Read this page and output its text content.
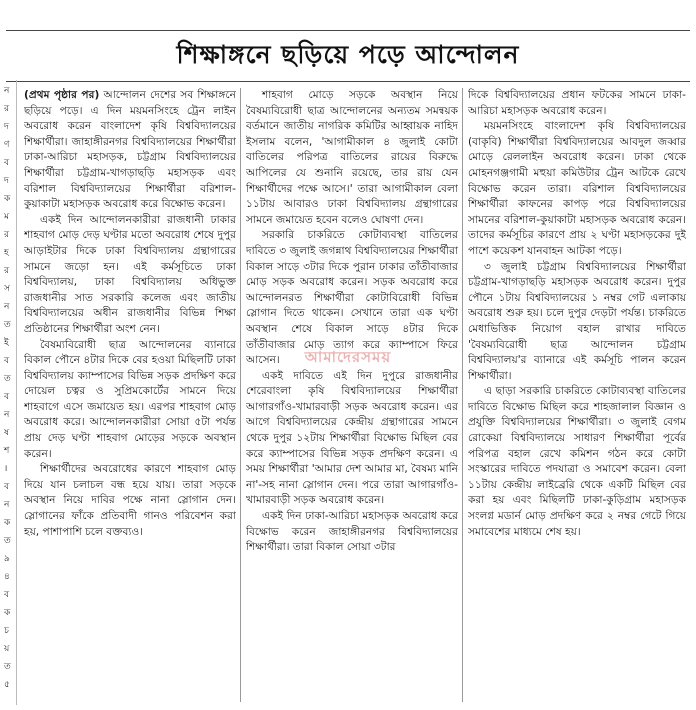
শিক্ষাঙ্গনে ছড়িয়ে পড়ে আন্দোলন
ন
র
দ
ণ
ব
দ
ক
ম
র
হ
র
স
ন
ত
ই
ব
ত
ব
ন
ষ
শ
।
ব
ন
ক
ত
৯
৪
ব
ক
চ
য়
ত
৫

(প্রথম পৃষ্ঠার পর) আন্দোলন দেশের সব শিক্ষাঙ্গনে ছড়িয়ে পড়ে। এ দিন ময়মনসিংহে ট্রেন লাইন অবরোধ করেন বাংলাদেশ কৃষি বিশ্ববিদ্যালয়ের শিক্ষার্থীরা। জাহাঙ্গীরনগর বিশ্ববিদ্যালয়ের শিক্ষার্থীরা ঢাকা-আরিচা মহাসড়ক, চট্টগ্রাম বিশ্ববিদ্যালয়ের শিক্ষার্থীরা চট্টগ্রাম-খাগড়াছড়ি মহাসড়ক এবং বরিশাল বিশ্ববিদ্যালয়ের শিক্ষার্থীরা বরিশাল-কুয়াকাটা মহাসড়ক অবরোধ করে বিক্ষোভ করেন।

একই দিন আন্দোলনকারীরা রাজধানী ঢাকার শাহবাগ মোড় দেড় ঘণ্টার মতো অবরোধ শেষে দুপুর আড়াইটার দিকে ঢাকা বিশ্ববিদ্যালয় গ্রন্থাগারের সামনে জড়ো হন। এই কর্মসূচিতে ঢাকা বিশ্ববিদ্যালয়, ঢাকা বিশ্ববিদ্যালয় অধিভুক্ত রাজধানীর সাত সরকারি কলেজ এবং জাতীয় বিশ্ববিদ্যালয়ের অধীন রাজধানীর বিভিন্ন শিক্ষা প্রতিষ্ঠানের শিক্ষার্থীরা অংশ নেন।

বৈষম্যবিরোধী ছাত্র আন্দোলনের ব্যানারে বিকাল পৌনে ৪টার দিকে বের হওয়া মিছিলটি ঢাকা বিশ্ববিদ্যালয় ক্যাম্পাসের বিভিন্ন সড়ক প্রদক্ষিণ করে দোয়েল চত্বর ও সুপ্রিমকোর্টের সামনে দিয়ে শাহবাগে এসে জমায়েত হয়। এরপর শাহবাগ মোড় অবরোধ করে। আন্দোলনকারীরা সোয়া ৫টা পর্যন্ত প্রায় দেড় ঘণ্টা শাহবাগ মোড়ের সড়কে অবস্থান করেন।

শিক্ষার্থীদের অবরোধের কারণে শাহবাগ মোড় দিয়ে যান চলাচল বন্ধ হয়ে যায়। তারা সড়কে অবস্থান নিয়ে দাবির পক্ষে নানা স্লোগান দেন। স্লোগানের ফাঁকে প্রতিবাদী গানও পরিবেশন করা হয়, পাশাপাশি চলে বক্তব্যও।

শাহবাগ মোড়ে সড়কে অবস্থান নিয়ে বৈষম্যবিরোধী ছাত্র আন্দোলনের অন্যতম সমন্বয়ক বর্তমানে জাতীয় নাগরিক কমিটির আহ্বায়ক নাহিদ ইসলাম বলেন, 'আগামীকাল ৪ জুলাই কোটা বাতিলের পরিপত্র বাতিলের রায়ের বিরুদ্ধে আপিলের যে শুনানি রয়েছে, তার রায় যেন শিক্ষার্থীদের পক্ষে আসে।' তারা আগামীকাল বেলা ১১টায় আবারও ঢাকা বিশ্ববিদ্যালয় গ্রন্থাগারের সামনে জমায়েত হবেন বলেও ঘোষণা দেন।

সরকারি চাকরিতে কোটাব্যবস্থা বাতিলের দাবিতে ৩ জুলাই জগন্নাথ বিশ্ববিদ্যালয়ের শিক্ষার্থীরা বিকাল সাড়ে ৩টার দিকে পুরান ঢাকার তাঁতীবাজার মোড় সড়ক অবরোধ করেন। সড়ক অবরোধ করে আন্দোলনরত শিক্ষার্থীরা কোটাবিরোধী বিভিন্ন স্লোগান দিতে থাকেন। সেখানে তারা এক ঘণ্টা অবস্থান শেষে বিকাল সাড়ে ৪টার দিকে তাঁতীবাজার মোড় ত্যাগ করে ক্যাম্পাসে ফিরে আসেন।

একই দাবিতে এই দিন দুপুরে রাজধানীর শেরেবাংলা কৃষি বিশ্ববিদ্যালয়ের শিক্ষার্থীরা আগারগাঁও-খামারবাড়ী সড়ক অবরোধ করেন। এর আগে বিশ্ববিদ্যালয়ের কেন্দ্রীয় গ্রন্থাগারের সামনে থেকে দুপুর ১২টায় শিক্ষার্থীরা বিক্ষোভ মিছিল বের করে ক্যাম্পাসের বিভিন্ন সড়ক প্রদক্ষিণ করেন। এ সময় শিক্ষার্থীরা 'আমার দেশ আমার মা, বৈষম্য মানি না'-সহ নানা স্লোগান দেন। পরে তারা আগারগাঁও-খামারবাড়ী সড়ক অবরোধ করেন।

একই দিন ঢাকা-আরিচা মহাসড়ক অবরোধ করে বিক্ষোভ করেন জাহাঙ্গীরনগর বিশ্ববিদ্যালয়ের শিক্ষার্থীরা। তারা বিকাল সোয়া ৩টার

দিকে বিশ্ববিদ্যালয়ের প্রধান ফটকের সামনে ঢাকা-আরিচা মহাসড়ক অবরোধ করেন।

ময়মনসিংহে বাংলাদেশ কৃষি বিশ্ববিদ্যালয়ের (বাকৃবি) শিক্ষার্থীরা বিশ্ববিদ্যালয়ের আবদুল জব্বার মোড়ে রেললাইন অবরোধ করেন। ঢাকা থেকে মোহনগঞ্জগামী মহুয়া কমিউটার ট্রেন আটকে রেখে বিক্ষোভ করেন তারা। বরিশাল বিশ্ববিদ্যালয়ের শিক্ষার্থীরা কাফনের কাপড় পরে বিশ্ববিদ্যালয়ের সামনের বরিশাল-কুয়াকাটা মহাসড়ক অবরোধ করেন। তাদের কর্মসূচির কারণে প্রায় ২ ঘণ্টা মহাসড়কের দুই পাশে কয়েকশ যানবাহন আটকা পড়ে।

৩ জুলাই চট্টগ্রাম বিশ্ববিদ্যালয়ের শিক্ষার্থীরা চট্টগ্রাম-খাগড়াছড়ি মহাসড়ক অবরোধ করেন। দুপুর পৌনে ১টায় বিশ্ববিদ্যালয়ের ১ নম্বর গেট এলাকায় অবরোধ শুরু হয়। চলে দুপুর দেড়টা পর্যন্ত। চাকরিতে মেধাভিত্তিক নিয়োগ বহাল রাখার দাবিতে 'বৈষম্যবিরোধী ছাত্র আন্দোলন চট্টগ্রাম বিশ্ববিদ্যালয়'র ব্যানারে এই কর্মসূচি পালন করেন শিক্ষার্থীরা।

এ ছাড়া সরকারি চাকরিতে কোটাব্যবস্থা বাতিলের দাবিতে বিক্ষোভ মিছিল করে শাহজালাল বিজ্ঞান ও প্রযুক্তি বিশ্ববিদ্যালয়ের শিক্ষার্থীরা। ৩ জুলাই বেগম রোকেয়া বিশ্ববিদ্যালয়ে সাধারণ শিক্ষার্থীরা পূর্বের পরিপত্র বহাল রেখে কমিশন গঠন করে কোটা সংস্কারের দাবিতে পদযাত্রা ও সমাবেশ করেন। বেলা ১১টায় কেন্দ্রীয় লাইব্রেরি থেকে একটি মিছিল বের করা হয় এবং মিছিলটি ঢাকা-কুড়িগ্রাম মহাসড়ক সংলগ্ন মডার্ন মোড় প্রদক্ষিণ করে ২ নম্বর গেটে গিয়ে সমাবেশের মাধ্যমে শেষ হয়।

আমাদেরসময়
